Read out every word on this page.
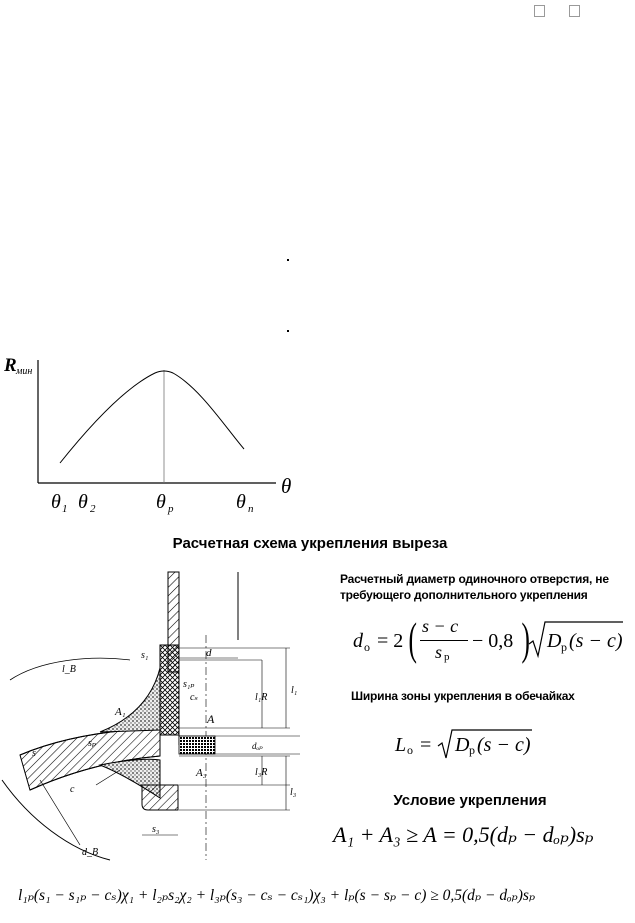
R мин
θ
θ 1 θ 2	θ р	θ п
Расчетная схема укрепления выреза
d
s₁
s₁ₚ
cₛ
A₁	A
A₃
sₚ
s₃
s
c
l_B
l₁
l₁R
l₃R
l₃
dₒₚ
d_B
Расчетный диаметр одиночного отверстия, не требующего дополнительного укрепления
d о = 2 ( s − c
s р
− 0,8 ) D р (s − c)
Ширина зоны укрепления в обечайках
L о = D р (s − c)
Условие укрепления
A₁ + A₃ ≥ A = 0,5(dₚ − dₒₚ)sₚ
l₁ₚ(s₁ − s₁ₚ − cₛ)χ₁ + l₂ₚs₂χ₂ + l₃ₚ(s₃ − cₛ − cₛ₁)χ₃ + lₚ(s − sₚ − c) ≥ 0,5(dₚ − dₒₚ)sₚ
